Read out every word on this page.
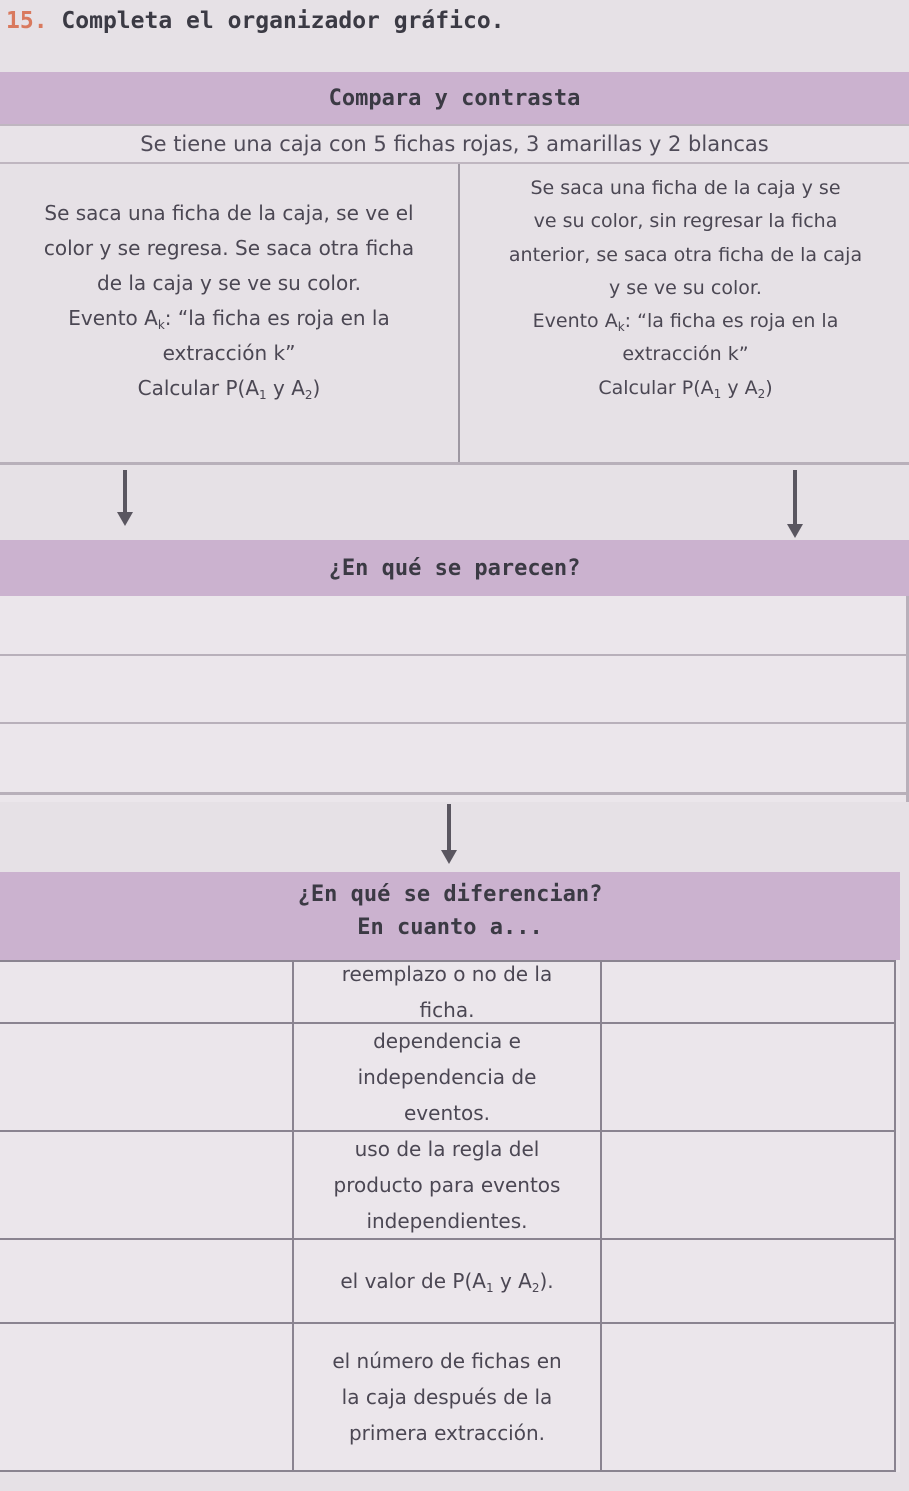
15. Completa el organizador gráfico.
Compara y contrasta
Se tiene una caja con 5 fichas rojas, 3 amarillas y 2 blancas
Se saca una ficha de la caja, se ve el
color y se regresa. Se saca otra ficha
de la caja y se ve su color.
Evento $A_k$: “la ficha es roja en la
extracción k”
Calcular $P(A_1$ y $A_2$)
Se saca una ficha de la caja y se
ve su color, sin regresar la ficha
anterior, se saca otra ficha de la caja
y se ve su color.
Evento $A_k$: “la ficha es roja en la
extracción k”
Calcular $P(A_1$ y $A_2$)
¿En qué se parecen?
¿En qué se diferencian?
En cuanto a...
reemplazo o no de la
ficha.
dependencia e
independencia de
eventos.
uso de la regla del
producto para eventos
independientes.
el valor de $P(A_1$ y $A_2$).
el número de fichas en
la caja después de la
primera extracción.
